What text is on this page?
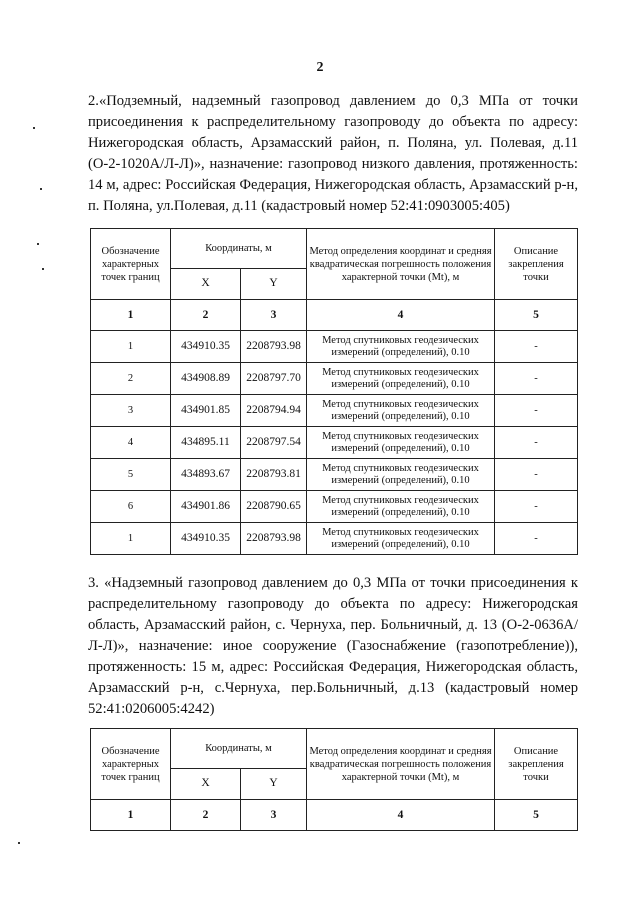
2

2.«Подземный, надземный газопровод давлением до 0,3 МПа от точки присоединения к распределительному газопроводу до объекта по адресу: Нижегородская область, Арзамасский район, п. Поляна, ул. Полевая, д.11 (О-2-1020А/Л-Л)», назначение: газопровод низкого давления, протяженность: 14 м, адрес: Российская Федерация, Нижегородская область, Арзамасский р-н, п. Поляна, ул.Полевая, д.11 (кадастровый номер 52:41:0903005:405)

Обозначение характерных точек границ	Координаты, м		Метод определения координат и средняя квадратическая погрешность положения характерной точки (Mt), м	Описание закрепления точки
	X	Y		
1	2	3	4	5
1	434910.35	2208793.98	Метод спутниковых геодезических измерений (определений), 0.10	-
2	434908.89	2208797.70	Метод спутниковых геодезических измерений (определений), 0.10	-
3	434901.85	2208794.94	Метод спутниковых геодезических измерений (определений), 0.10	-
4	434895.11	2208797.54	Метод спутниковых геодезических измерений (определений), 0.10	-
5	434893.67	2208793.81	Метод спутниковых геодезических измерений (определений), 0.10	-
6	434901.86	2208790.65	Метод спутниковых геодезических измерений (определений), 0.10	-
1	434910.35	2208793.98	Метод спутниковых геодезических измерений (определений), 0.10	-

3. «Надземный газопровод давлением до 0,3 МПа от точки присоединения к распределительному газопроводу до объекта по адресу: Нижегородская область, Арзамасский район, с. Чернуха, пер. Больничный, д. 13 (О-2-0636А/Л-Л)», назначение: иное сооружение (Газоснабжение (газопотребление)), протяженность: 15 м, адрес: Российская Федерация, Нижегородская область, Арзамасский р-н, с.Чернуха, пер.Больничный, д.13 (кадастровый номер 52:41:0206005:4242)

Обозначение характерных точек границ	Координаты, м		Метод определения координат и средняя квадратическая погрешность положения характерной точки (Mt), м	Описание закрепления точки
	X	Y		
1	2	3	4	5
